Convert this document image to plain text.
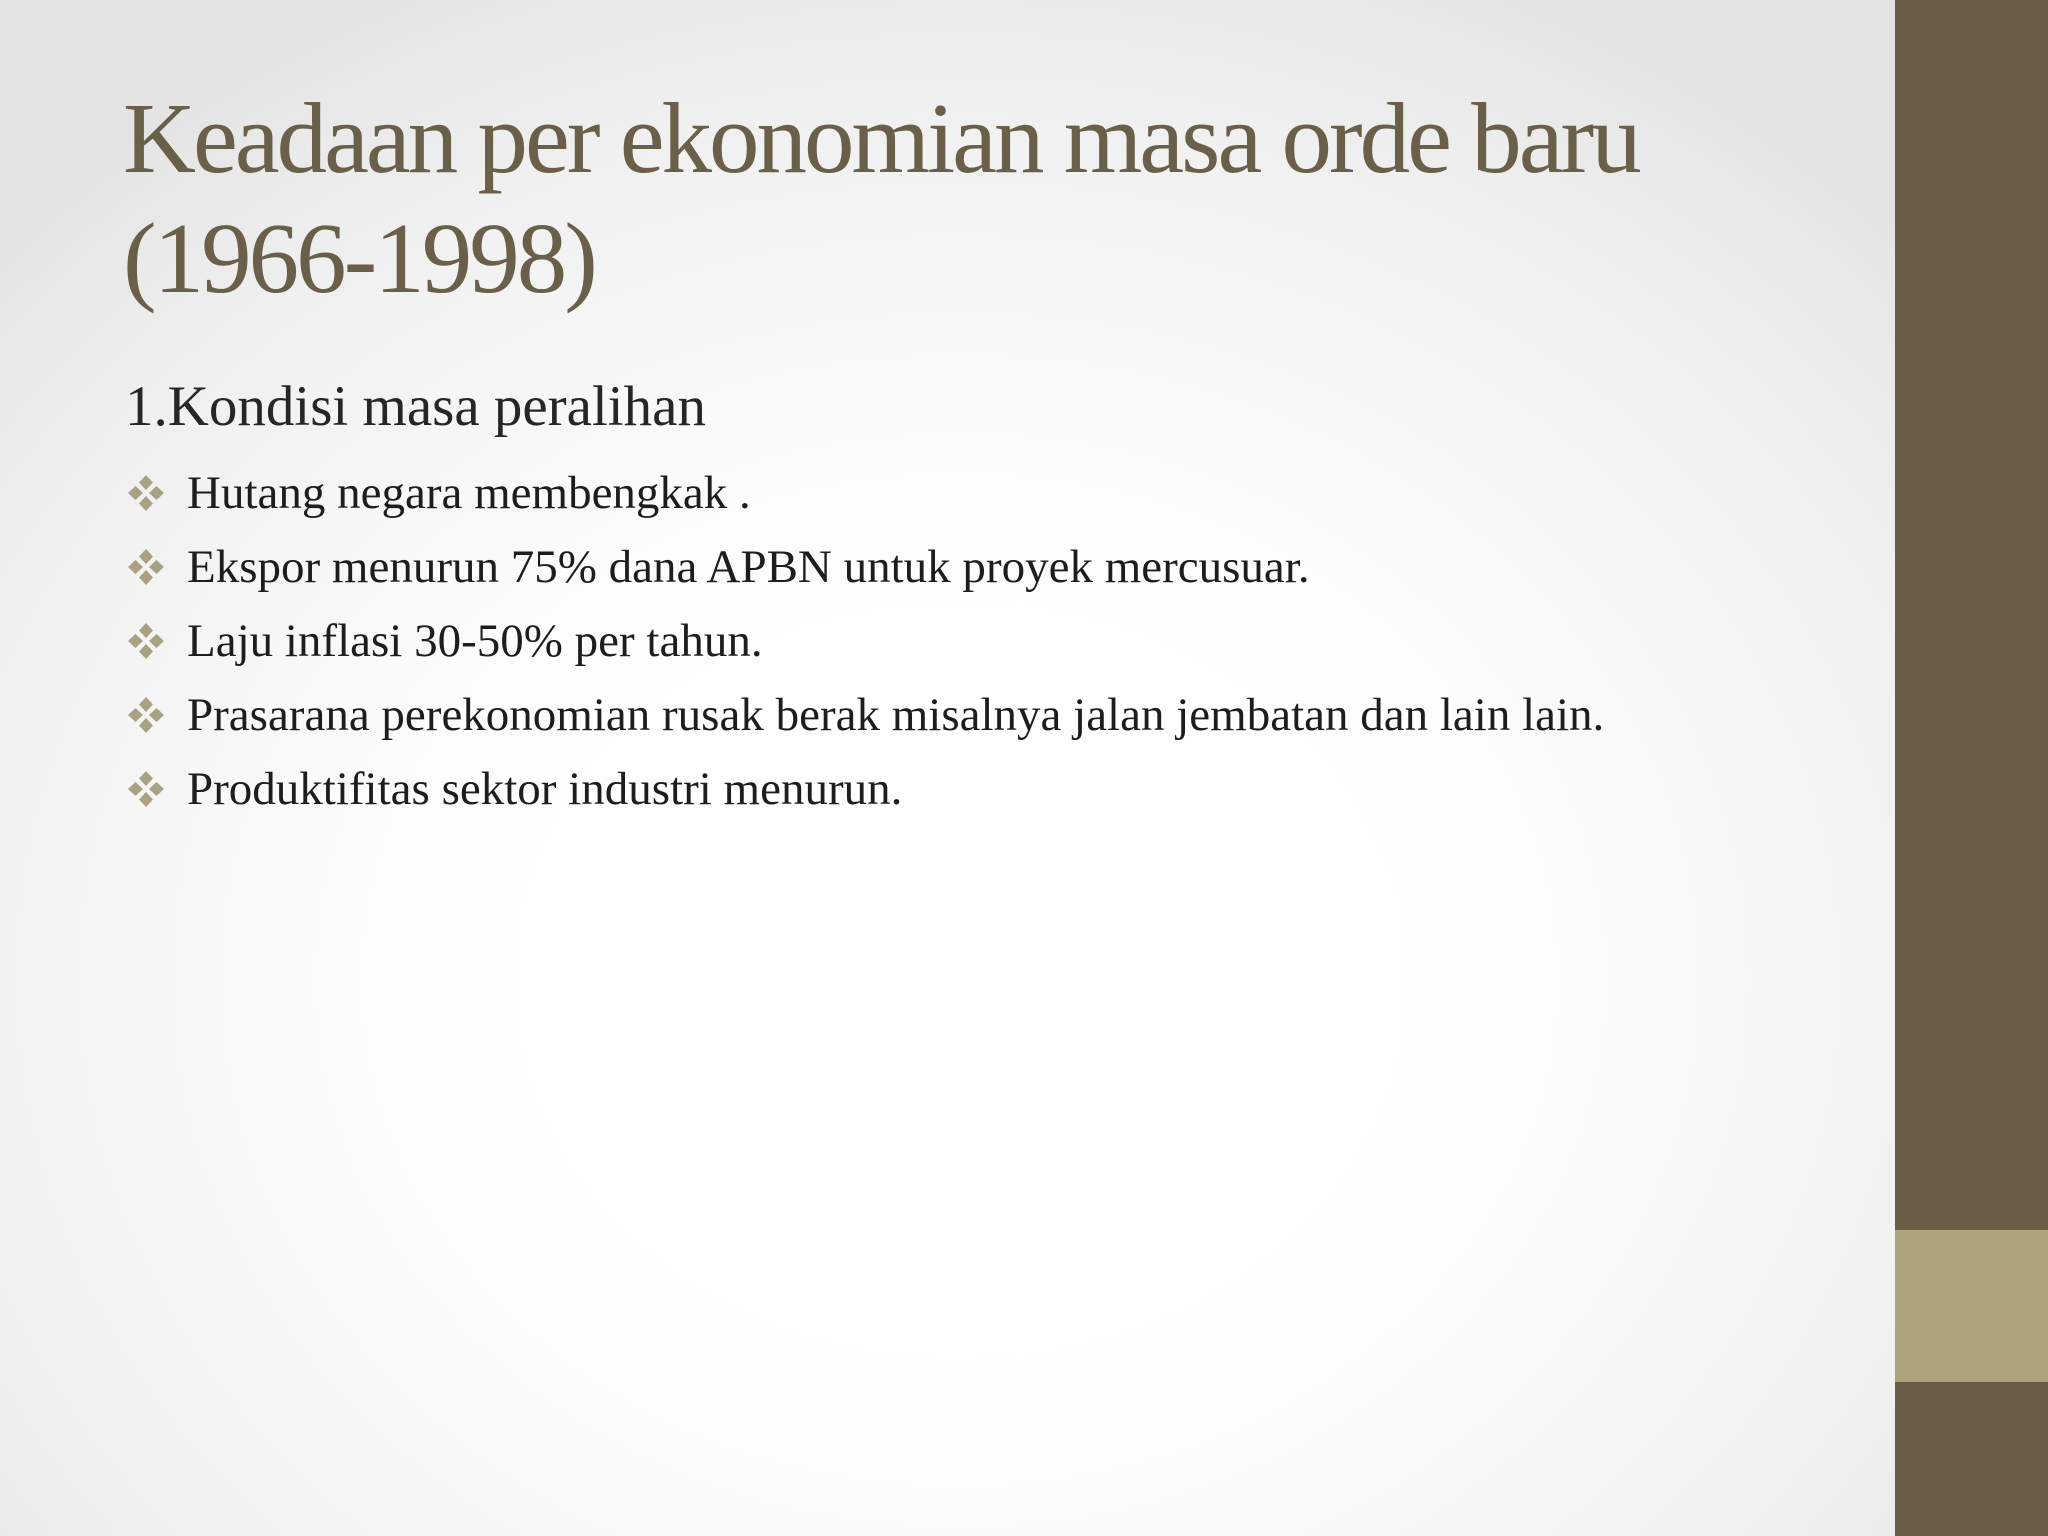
Keadaan per ekonomian masa orde baru
(1966-1998)

1.Kondisi masa peralihan

Hutang negara membengkak .
Ekspor menurun 75% dana APBN untuk proyek mercusuar.
Laju inflasi 30-50% per tahun.
Prasarana perekonomian rusak berak misalnya jalan jembatan dan lain lain.
Produktifitas sektor industri menurun.
